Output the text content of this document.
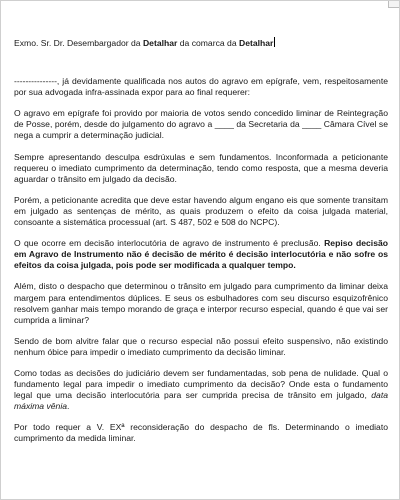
Exmo. Sr. Dr. Desembargador da Detalhar da comarca da Detalhar

---------------, já devidamente qualificada nos autos do agravo em epígrafe, vem, respeitosamente por sua advogada infra-assinada expor para ao final requerer:

O agravo em epígrafe foi provido por maioria de votos sendo concedido liminar de Reintegração de Posse, porém, desde do julgamento do agravo a ____ da Secretaria da ____ Câmara Cível se nega a cumprir a determinação judicial.

Sempre apresentando desculpa esdrúxulas e sem fundamentos. Inconformada a peticionante requereu o imediato cumprimento da determinação, tendo como resposta, que a mesma deveria aguardar o trânsito em julgado da decisão.

Porém, a peticionante acredita que deve estar havendo algum engano eis que somente transitam em julgado as sentenças de mérito, as quais produzem o efeito da coisa julgada material, consoante a sistemática processual (art. S 487, 502 e 508 do NCPC).

O que ocorre em decisão interlocutória de agravo de instrumento é preclusão. Repiso decisão em Agravo de Instrumento não é decisão de mérito é decisão interlocutória e não sofre os efeitos da coisa julgada, pois pode ser modificada a qualquer tempo.

Além, disto o despacho que determinou o trânsito em julgado para cumprimento da liminar deixa margem para entendimentos dúplices. E seus os esbulhadores com seu discurso esquizofrênico resolvem ganhar mais tempo morando de graça e interpor recurso especial, quando é que vai ser cumprida a liminar?

Sendo de bom alvitre falar que o recurso especial não possui efeito suspensivo, não existindo nenhum óbice para impedir o imediato cumprimento da decisão liminar.

Como todas as decisões do judiciário devem ser fundamentadas, sob pena de nulidade. Qual o fundamento legal para impedir o imediato cumprimento da decisão? Onde esta o fundamento legal que uma decisão interlocutória para ser cumprida precisa de trânsito em julgado, data máxima vênia.

Por todo requer a V. EXª reconsideração do despacho de fls. Determinando o imediato cumprimento da medida liminar.
